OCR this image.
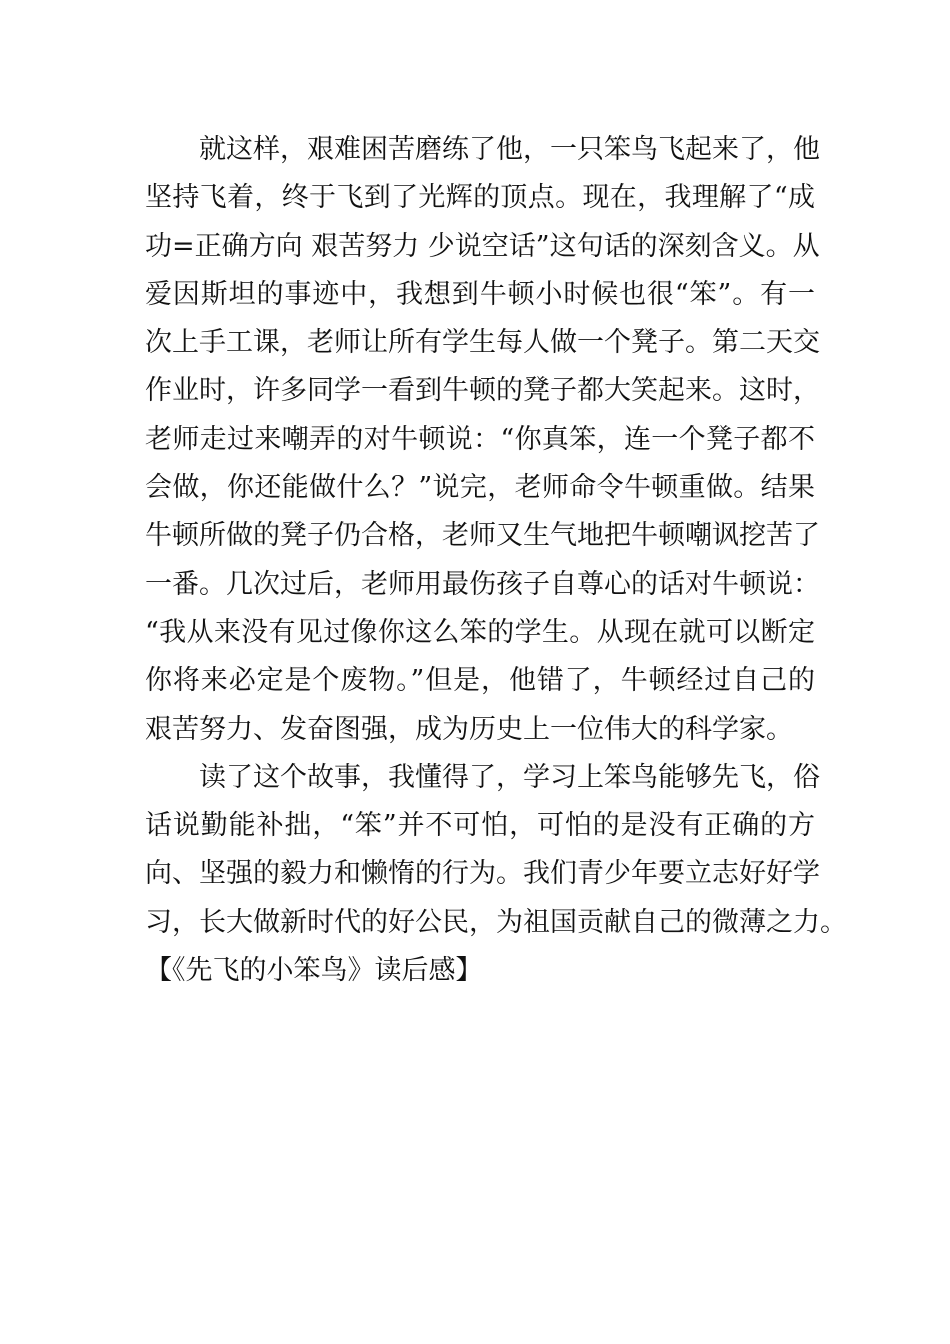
就这样，艰难困苦磨练了他，一只笨鸟飞起来了，他
坚持飞着，终于飞到了光辉的顶点。现在，我理解了“成
功=正确方向 艰苦努力 少说空话”这句话的深刻含义。从
爱因斯坦的事迹中，我想到牛顿小时候也很“笨”。有一
次上手工课，老师让所有学生每人做一个凳子。第二天交
作业时，许多同学一看到牛顿的凳子都大笑起来。这时，
老师走过来嘲弄的对牛顿说：“你真笨，连一个凳子都不
会做，你还能做什么？”说完，老师命令牛顿重做。结果
牛顿所做的凳子仍合格，老师又生气地把牛顿嘲讽挖苦了
一番。几次过后，老师用最伤孩子自尊心的话对牛顿说：
“我从来没有见过像你这么笨的学生。从现在就可以断定
你将来必定是个废物。”但是，他错了，牛顿经过自己的
艰苦努力、发奋图强，成为历史上一位伟大的科学家。
读了这个故事，我懂得了，学习上笨鸟能够先飞，俗
话说勤能补拙，“笨”并不可怕，可怕的是没有正确的方
向、坚强的毅力和懒惰的行为。我们青少年要立志好好学
习，长大做新时代的好公民，为祖国贡献自己的微薄之力。
【《先飞的小笨鸟》读后感】
